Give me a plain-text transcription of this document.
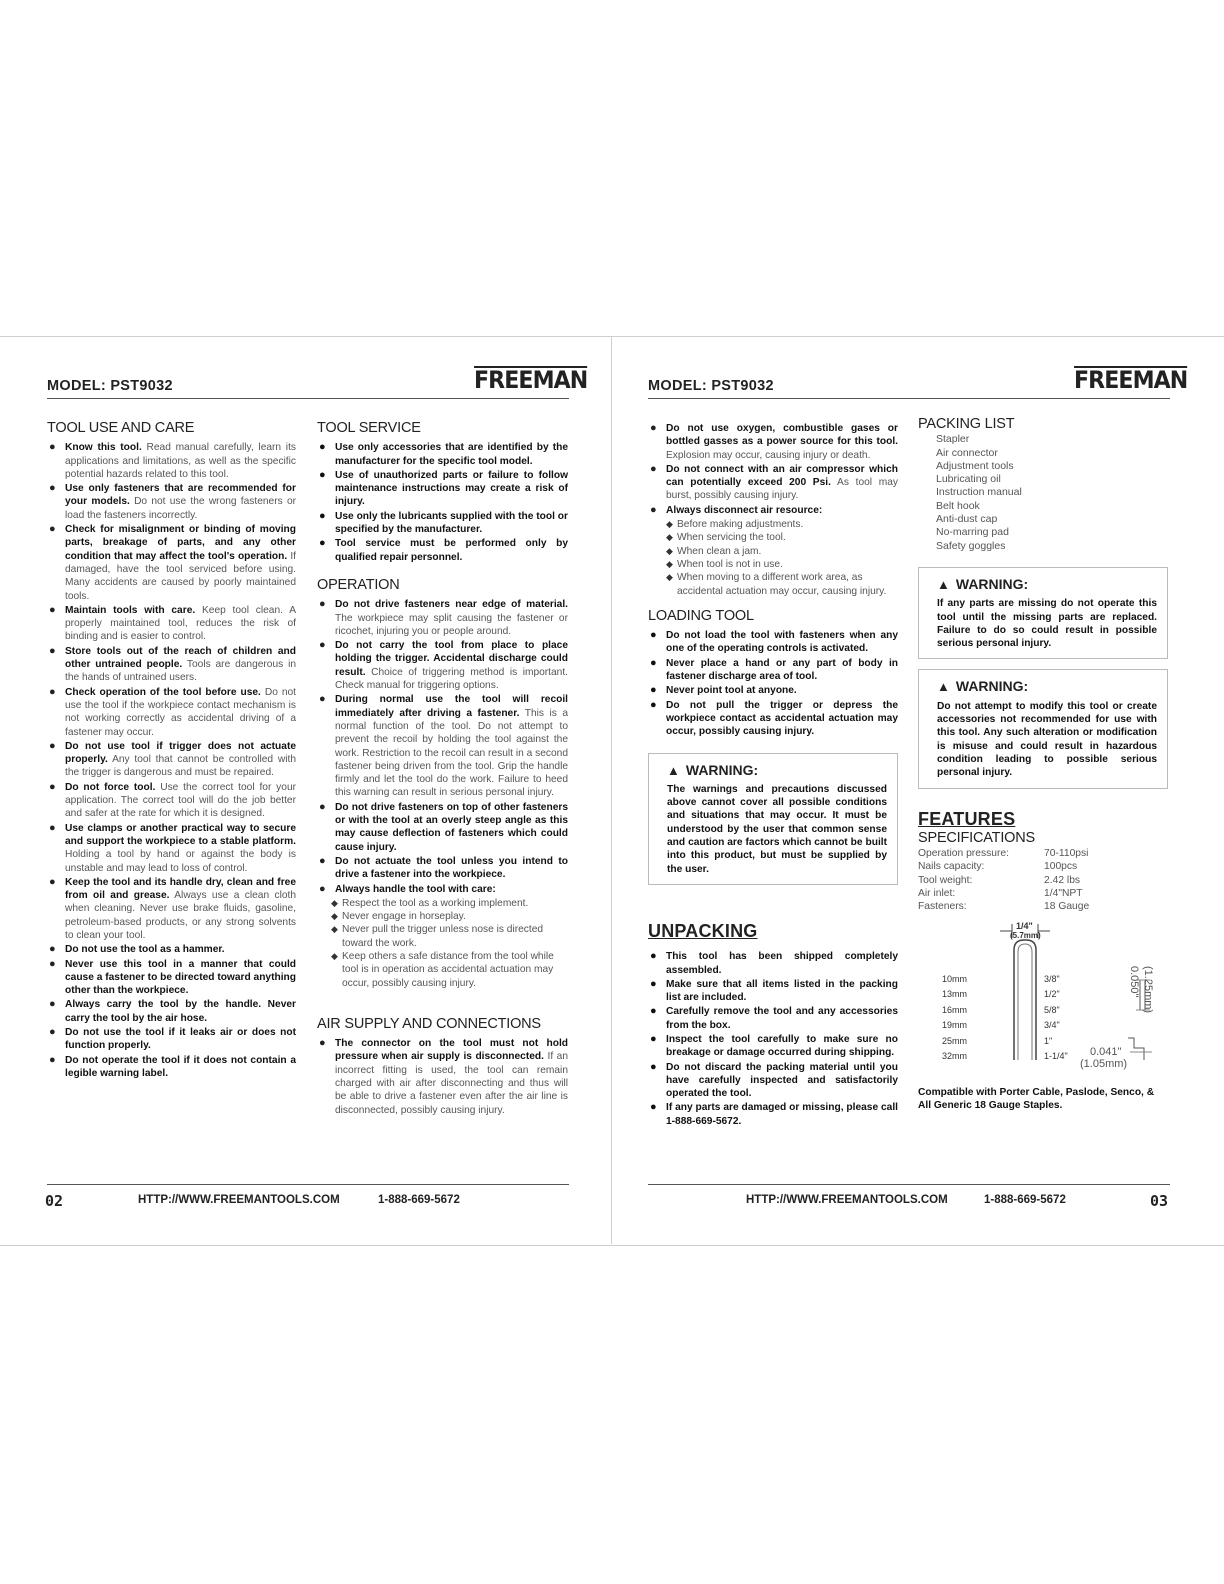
MODEL: PST9032	FREEMAN
TOOL USE AND CARE
● Know this tool. Read manual carefully, learn its applications and limitations, as well as the specific potential hazards related to this tool.
● Use only fasteners that are recommended for your models. Do not use the wrong fasteners or load the fasteners incorrectly.
● Check for misalignment or binding of moving parts, breakage of parts, and any other condition that may affect the tool's operation. If damaged, have the tool serviced before using. Many accidents are caused by poorly maintained tools.
● Maintain tools with care. Keep tool clean. A properly maintained tool, reduces the risk of binding and is easier to control.
● Store tools out of the reach of children and other untrained people. Tools are dangerous in the hands of untrained users.
● Check operation of the tool before use. Do not use the tool if the workpiece contact mechanism is not working correctly as accidental driving of a fastener may occur.
● Do not use tool if trigger does not actuate properly. Any tool that cannot be controlled with the trigger is dangerous and must be repaired.
● Do not force tool. Use the correct tool for your application. The correct tool will do the job better and safer at the rate for which it is designed.
● Use clamps or another practical way to secure and support the workpiece to a stable platform. Holding a tool by hand or against the body is unstable and may lead to loss of control.
● Keep the tool and its handle dry, clean and free from oil and grease. Always use a clean cloth when cleaning. Never use brake fluids, gasoline, petroleum-based products, or any strong solvents to clean your tool.
● Do not use the tool as a hammer.
● Never use this tool in a manner that could cause a fastener to be directed toward anything other than the workpiece.
● Always carry the tool by the handle. Never carry the tool by the air hose.
● Do not use the tool if it leaks air or does not function properly.
● Do not operate the tool if it does not contain a legible warning label.
TOOL SERVICE
● Use only accessories that are identified by the manufacturer for the specific tool model.
● Use of unauthorized parts or failure to follow maintenance instructions may create a risk of injury.
● Use only the lubricants supplied with the tool or specified by the manufacturer.
● Tool service must be performed only by qualified repair personnel.
OPERATION
● Do not drive fasteners near edge of material. The workpiece may split causing the fastener or ricochet, injuring you or people around.
● Do not carry the tool from place to place holding the trigger. Accidental discharge could result. Choice of triggering method is important. Check manual for triggering options.
● During normal use the tool will recoil immediately after driving a fastener. This is a normal function of the tool. Do not attempt to prevent the recoil by holding the tool against the work. Restriction to the recoil can result in a second fastener being driven from the tool. Grip the handle firmly and let the tool do the work. Failure to heed this warning can result in serious personal injury.
● Do not drive fasteners on top of other fasteners or with the tool at an overly steep angle as this may cause deflection of fasteners which could cause injury.
● Do not actuate the tool unless you intend to drive a fastener into the workpiece.
● Always handle the tool with care:
◆ Respect the tool as a working implement.
◆ Never engage in horseplay.
◆ Never pull the trigger unless nose is directed toward the work.
◆ Keep others a safe distance from the tool while tool is in operation as accidental actuation may occur, possibly causing injury.
AIR SUPPLY AND CONNECTIONS
● The connector on the tool must not hold pressure when air supply is disconnected. If an incorrect fitting is used, the tool can remain charged with air after disconnecting and thus will be able to drive a fastener even after the air line is disconnected, possibly causing injury.
02	HTTP://WWW.FREEMANTOOLS.COM	1-888-669-5672
MODEL: PST9032	FREEMAN
● Do not use oxygen, combustible gases or bottled gasses as a power source for this tool. Explosion may occur, causing injury or death.
● Do not connect with an air compressor which can potentially exceed 200 Psi. As tool may burst, possibly causing injury.
● Always disconnect air resource:
◆ Before making adjustments.
◆ When servicing the tool.
◆ When clean a jam.
◆ When tool is not in use.
◆ When moving to a different work area, as accidental actuation may occur, causing injury.
LOADING TOOL
● Do not load the tool with fasteners when any one of the operating controls is activated.
● Never place a hand or any part of body in fastener discharge area of tool.
● Never point tool at anyone.
● Do not pull the trigger or depress the workpiece contact as accidental actuation may occur, possibly causing injury.
▲ WARNING:

The warnings and precautions discussed above cannot cover all possible conditions and situations that may occur. It must be understood by the user that common sense and caution are factors which cannot be built into this product, but must be supplied by the user.

UNPACKING
● This tool has been shipped completely assembled.
● Make sure that all items listed in the packing list are included.
● Carefully remove the tool and any accessories from the box.
● Inspect the tool carefully to make sure no breakage or damage occurred during shipping.
● Do not discard the packing material until you have carefully inspected and satisfactorily operated the tool.
● If any parts are damaged or missing, please call 1-888-669-5672.
PACKING LIST
Stapler
Air connector
Adjustment tools
Lubricating oil
Instruction manual
Belt hook
Anti-dust cap
No-marring pad
Safety goggles
▲ WARNING:

If any parts are missing do not operate this tool until the missing parts are replaced. Failure to do so could result in possible serious personal injury.

▲ WARNING:

Do not attempt to modify this tool or create accessories not recommended for use with this tool. Any such alteration or modification is misuse and could result in hazardous condition leading to possible serious personal injury.

FEATURES
SPECIFICATIONS
Operation pressure:	70-110psi
Nails capacity:	100pcs
Tool weight:	2.42 lbs
Air inlet:	1/4"NPT
Fasteners:	18 Gauge
1/4"
(5.7mm)
10mm
13mm
16mm
19mm
25mm
32mm
3/8"
1/2"
5/8"
3/4"
1"
1-1/4"
0.050" (1.25mm)
0.041"
(1.05mm)

Compatible with Porter Cable, Paslode, Senco, & All Generic 18 Gauge Staples.

HTTP://WWW.FREEMANTOOLS.COM	1-888-669-5672	03
